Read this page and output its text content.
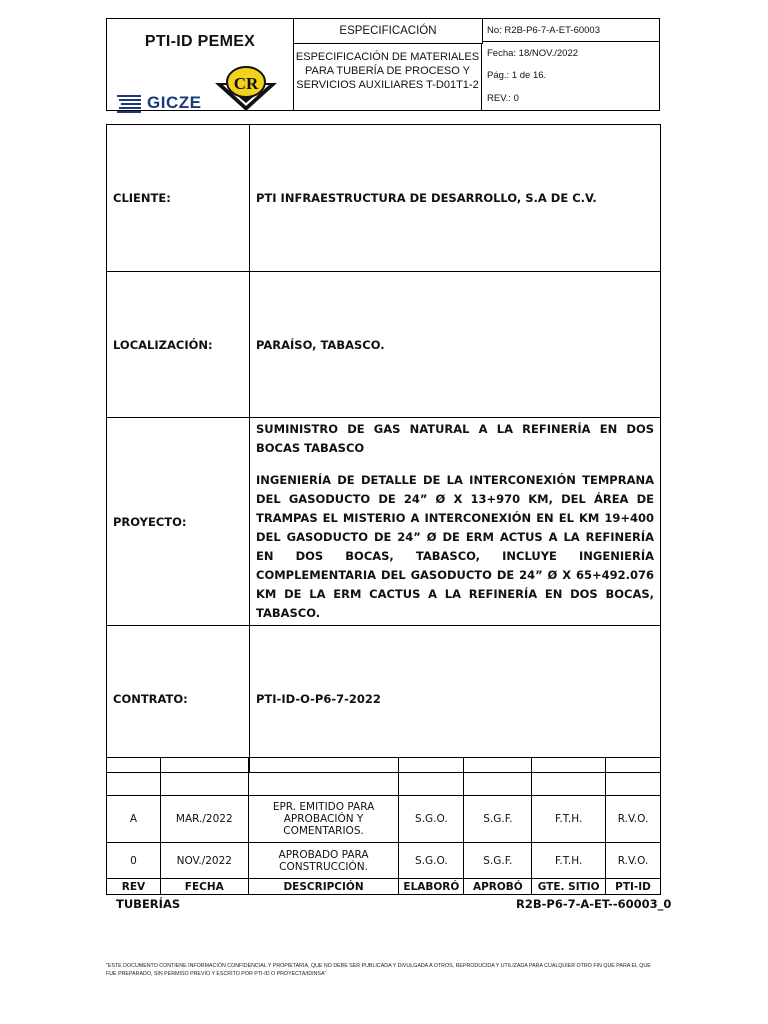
PTI-ID PEMEX
GICZE
CR
ESPECIFICACIÓN
ESPECIFICACIÓN DE MATERIALES PARA TUBERÍA DE PROCESO Y SERVICIOS AUXILIARES T-D01T1-2
No: R2B-P6-7-A-ET-60003
Fecha: 18/NOV./2022
Pág.: 1 de 16.
REV.: 0
CLIENTE:	PTI INFRAESTRUCTURA DE DESARROLLO, S.A DE C.V.
LOCALIZACIÓN:	PARAÍSO, TABASCO.
PROYECTO:	SUMINISTRO DE GAS NATURAL A LA REFINERÍA EN DOS BOCAS TABASCO
INGENIERÍA DE DETALLE DE LA INTERCONEXIÓN TEMPRANA DEL GASODUCTO DE 24” Ø X 13+970 KM, DEL ÁREA DE TRAMPAS EL MISTERIO A INTERCONEXIÓN EN EL KM 19+400 DEL GASODUCTO DE 24” Ø DE ERM ACTUS A LA REFINERÍA EN DOS BOCAS, TABASCO, INCLUYE INGENIERÍA COMPLEMENTARIA DEL GASODUCTO DE 24” Ø X 65+492.076 KM DE LA ERM CACTUS A LA REFINERÍA EN DOS BOCAS, TABASCO.

CONTRATO:	PTI-ID-O-P6-7-2022

A	MAR./2022	EPR. EMITIDO PARA APROBACIÓN Y COMENTARIOS.	S.G.O.	S.G.F.	F.T.H.	R.V.O.
0	NOV./2022	APROBADO PARA CONSTRUCCIÓN.	S.G.O.	S.G.F.	F.T.H.	R.V.O.
REV	FECHA	DESCRIPCIÓN	ELABORÓ	APROBÓ	GTE. SITIO	PTI-ID
TUBERÍAS	R2B-P6-7-A-ET--60003_0
"ESTE DOCUMENTO CONTIENE INFORMACIÓN CONFIDENCIAL Y PROPIETARIA, QUE NO DEBE SER PUBLICADA Y DIVULGADA A OTROS, REPRODUCIDA Y UTILIZADA PARA CUALQUIER OTRO FIN QUE PARA EL QUE FUE PREPARADO, SIN PERMISO PREVIO Y ESCRITO POR PTI-ID O PROYECTA/IDINSA"
